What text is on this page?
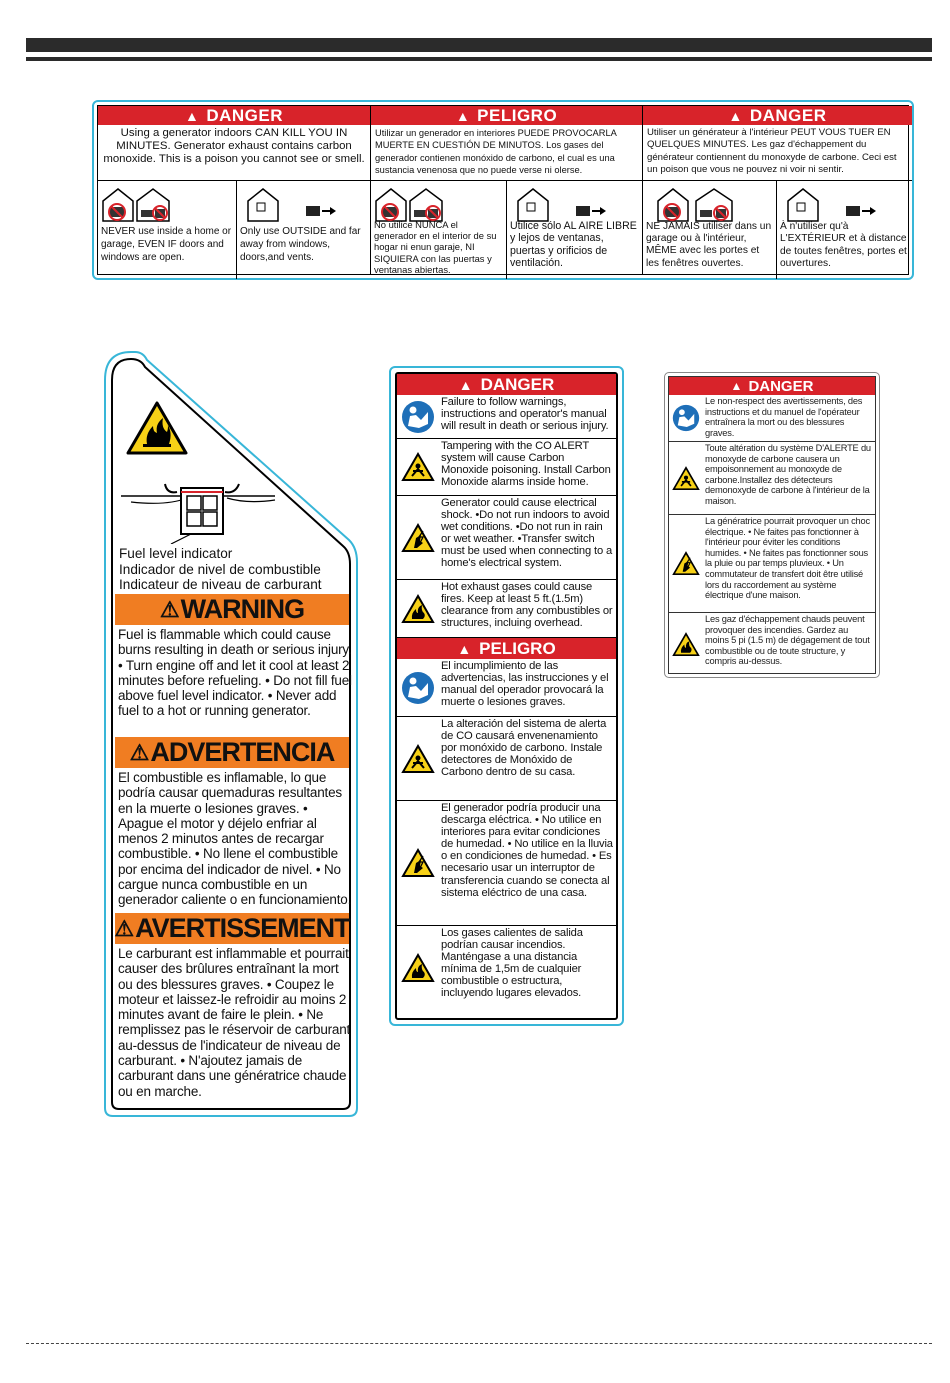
▲ DANGER
Using a generator indoors CAN KILL YOU IN MINUTES. Generator exhaust contains carbon monoxide. This is a poison you cannot see or smell.
NEVER use inside a home or garage, EVEN IF doors and windows are open.
Only use OUTSIDE and far away from windows, doors,and vents.
▲ PELIGRO
Utilizar un generador en interiores PUEDE PROVOCARLA MUERTE EN CUESTIÓN DE MINUTOS. Los gases del generador contienen monóxido de carbono, el cual es una sustancia venenosa que no puede verse ni olerse.
No utilice NUNCA el generador en el interior de su hogar ni enun garaje, NI SIQUIERA con las puertas y ventanas abiertas.
Utilice sólo AL AIRE LIBRE y lejos de ventanas, puertas y orificios de ventilación.
▲ DANGER
Utiliser un générateur à l'intérieur PEUT VOUS TUER EN QUELQUES MINUTES. Les gaz d'échappement du générateur contiennent du monoxyde de carbone. Ceci est un poison que vous ne pouvez ni voir ni sentir.
NE JAMAIS utiliser dans un garage ou à l'intérieur, MÊME avec les portes et les fenêtres ouvertes.
À n'utiliser qu'à L'EXTÉRIEUR et à distance de toutes fenêtres, portes et ouvertures.
Fuel level indicator
Indicador de nivel de combustible
Indicateur de niveau de carburant
⚠ WARNING
Fuel is flammable which could cause burns resulting in death or serious injury. • Turn engine off and let it cool at least 2 minutes before refueling. • Do not fill fuel above fuel level indicator. • Never add fuel to a hot or running generator.
⚠ ADVERTENCIA
El combustible es inflamable, lo que podría causar quemaduras resultantes en la muerte o lesiones graves. • Apague el motor y déjelo enfriar al menos 2 minutos antes de recargar combustible. • No llene el combustible por encima del indicador de nivel. • No cargue nunca combustible en un generador caliente o en funcionamiento.
⚠ AVERTISSEMENT
Le carburant est inflammable et pourrait causer des brûlures entraînant la mort ou des blessures graves. • Coupez le moteur et laissez-le refroidir au moins 2 minutes avant de faire le plein. • Ne remplissez pas le réservoir de carburant au-dessus de l'indicateur de niveau de carburant. • N'ajoutez jamais de carburant dans une génératrice chaude ou en marche.
▲ DANGER
Failure to follow warnings, instructions and operator's manual will result in death or serious injury.
Tampering with the CO ALERT system will cause Carbon Monoxide poisoning. Install Carbon Monoxide alarms inside home.
Generator could cause electrical shock. •Do not run indoors to avoid wet conditions. •Do not run in rain or wet weather. •Transfer switch must be used when connecting to a home's electrical system.
Hot exhaust gases could cause fires. Keep at least 5 ft.(1.5m) clearance from any combustibles or structures, incluing overhead.
▲ PELIGRO
El incumplimiento de las advertencias, las instrucciones y el manual del operador provocará la muerte o lesiones graves.
La alteración del sistema de alerta de CO causará envenenamiento por monóxido de carbono. Instale detectores de Monóxido de Carbono dentro de su casa.
El generador podría producir una descarga eléctrica. • No utilice en interiores para evitar condiciones de humedad. • No utilice en la lluvia o en condiciones de humedad. • Es necesario usar un interruptor de transferencia cuando se conecta al sistema eléctrico de una casa.
Los gases calientes de salida podrían causar incendios. Manténgase a una distancia mínima de 1,5m de cualquier combustible o estructura, incluyendo lugares elevados.
▲ DANGER
Le non-respect des avertissements, des instructions et du manuel de l'opérateur entraînera la mort ou des blessures graves.
Toute altération du système D'ALERTE du monoxyde de carbone causera un empoisonnement au monoxyde de carbone.Installez des détecteurs demonoxyde de carbone à l'intérieur de la maison.
La génératrice pourrait provoquer un choc électrique. • Ne faites pas fonctionner à l'intérieur pour éviter les conditions humides. • Ne faites pas fonctionner sous la pluie ou par temps pluvieux. • Un commutateur de transfert doit être utilisé lors du raccordement au système électrique d'une maison.
Les gaz d'échappement chauds peuvent provoquer des incendies. Gardez au moins 5 pi (1.5 m) de dégagement de tout combustible ou de toute structure, y compris au-dessus.
